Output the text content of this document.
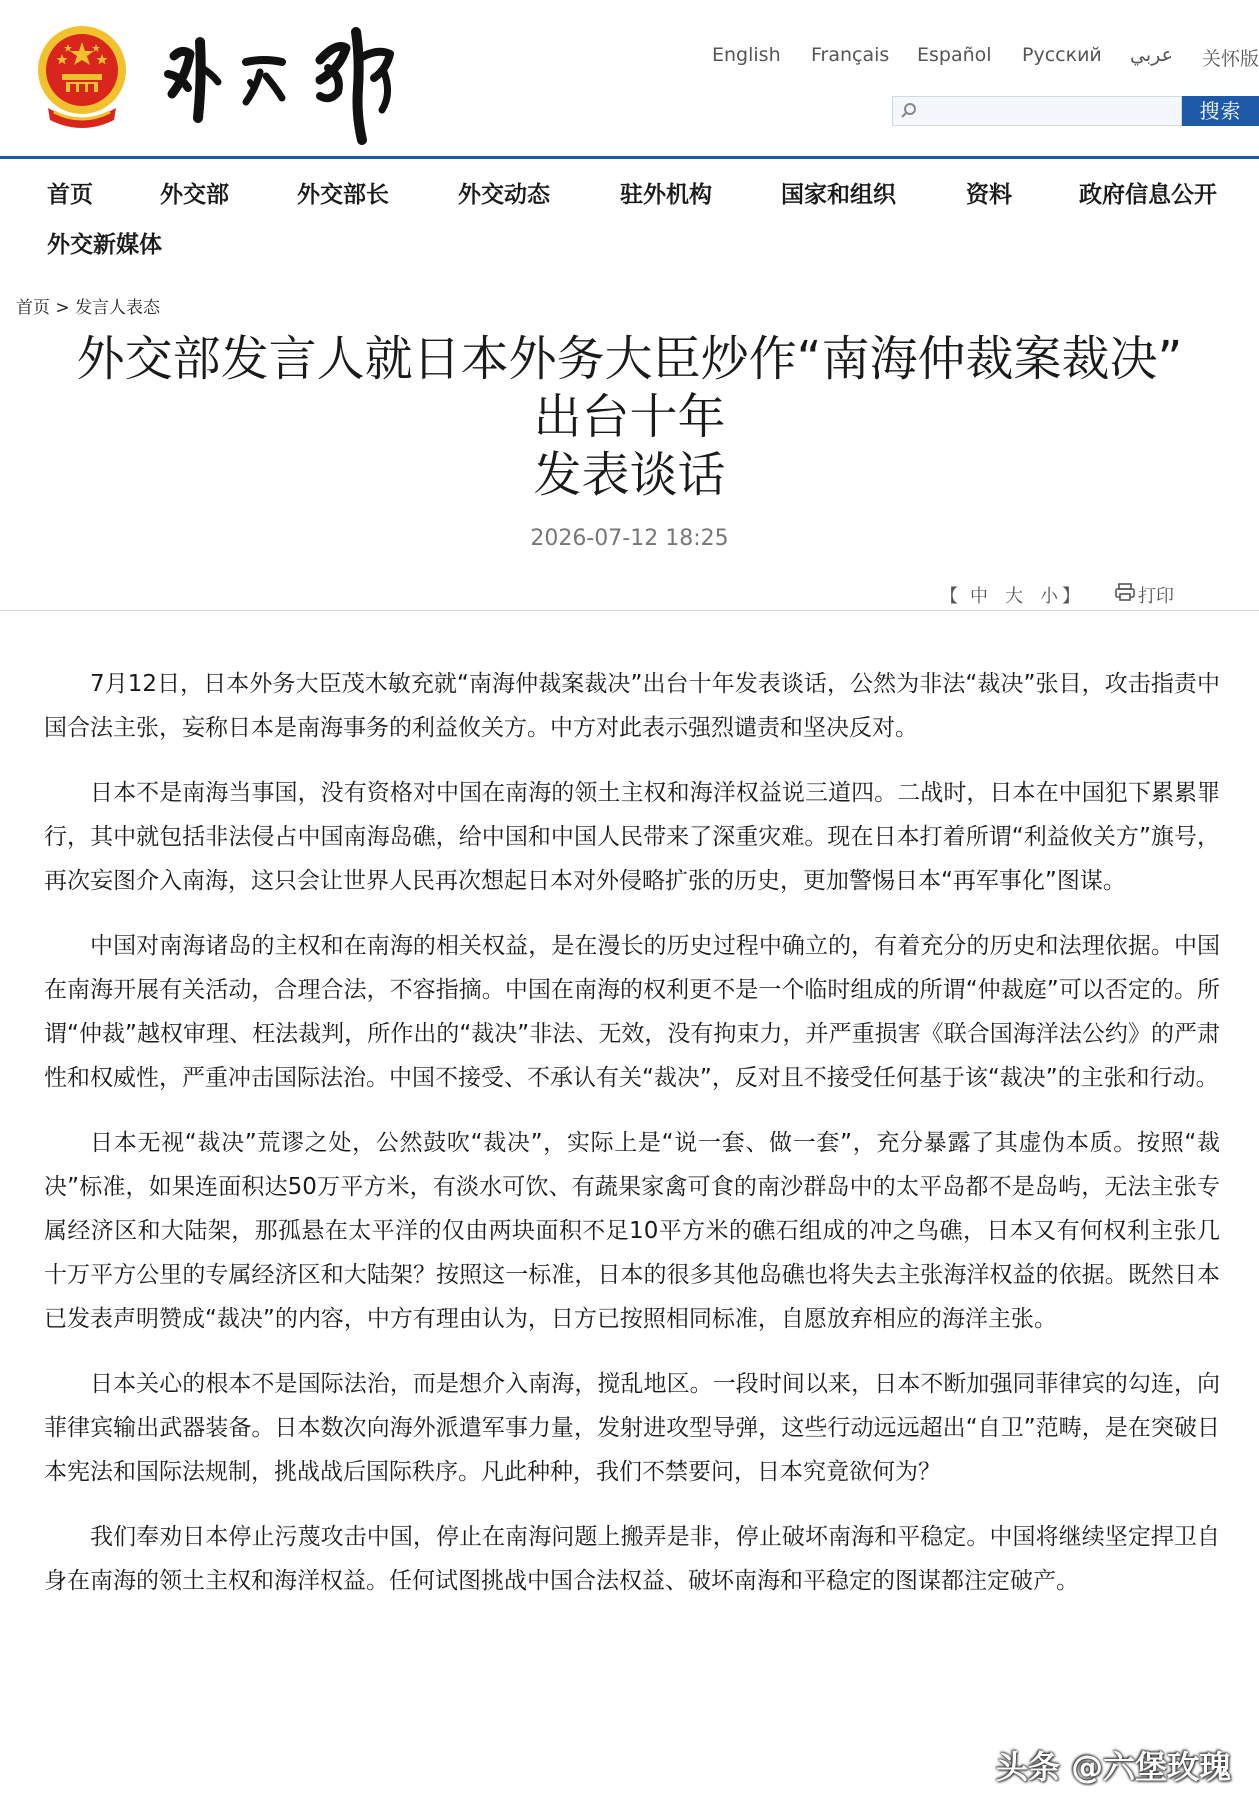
English Français Español Русский عربي 关怀版
搜索
首页	外交部	外交部长	外交动态	驻外机构	国家和组织	资料	政府信息公开
外交新媒体
首页 > 发言人表态
外交部发言人就日本外务大臣炒作“南海仲裁案裁决”
出台十年
发表谈话
2026-07-12 18:25
【 中 大 小 】	打印

7月12日，日本外务大臣茂木敏充就“南海仲裁案裁决”出台十年发表谈话，公然为非法“裁决”张目，攻击指责中国合法主张，妄称日本是南海事务的利益攸关方。中方对此表示强烈谴责和坚决反对。

日本不是南海当事国，没有资格对中国在南海的领土主权和海洋权益说三道四。二战时，日本在中国犯下累累罪行，其中就包括非法侵占中国南海岛礁，给中国和中国人民带来了深重灾难。现在日本打着所谓“利益攸关方”旗号，再次妄图介入南海，这只会让世界人民再次想起日本对外侵略扩张的历史，更加警惕日本“再军事化”图谋。

中国对南海诸岛的主权和在南海的相关权益，是在漫长的历史过程中确立的，有着充分的历史和法理依据。中国在南海开展有关活动，合理合法，不容指摘。中国在南海的权利更不是一个临时组成的所谓“仲裁庭”可以否定的。所谓“仲裁”越权审理、枉法裁判，所作出的“裁决”非法、无效，没有拘束力，并严重损害《联合国海洋法公约》的严肃性和权威性，严重冲击国际法治。中国不接受、不承认有关“裁决”，反对且不接受任何基于该“裁决”的主张和行动。

日本无视“裁决”荒谬之处，公然鼓吹“裁决”，实际上是“说一套、做一套”，充分暴露了其虚伪本质。按照“裁决”标准，如果连面积达50万平方米，有淡水可饮、有蔬果家禽可食的南沙群岛中的太平岛都不是岛屿，无法主张专属经济区和大陆架，那孤悬在太平洋的仅由两块面积不足10平方米的礁石组成的冲之鸟礁，日本又有何权利主张几十万平方公里的专属经济区和大陆架？按照这一标准，日本的很多其他岛礁也将失去主张海洋权益的依据。既然日本已发表声明赞成“裁决”的内容，中方有理由认为，日方已按照相同标准，自愿放弃相应的海洋主张。

日本关心的根本不是国际法治，而是想介入南海，搅乱地区。一段时间以来，日本不断加强同菲律宾的勾连，向菲律宾输出武器装备。日本数次向海外派遣军事力量，发射进攻型导弹，这些行动远远超出“自卫”范畴，是在突破日本宪法和国际法规制，挑战战后国际秩序。凡此种种，我们不禁要问，日本究竟欲何为？

我们奉劝日本停止污蔑攻击中国，停止在南海问题上搬弄是非，停止破坏南海和平稳定。中国将继续坚定捍卫自身在南海的领土主权和海洋权益。任何试图挑战中国合法权益、破坏南海和平稳定的图谋都注定破产。

头条 @六堡玫瑰
